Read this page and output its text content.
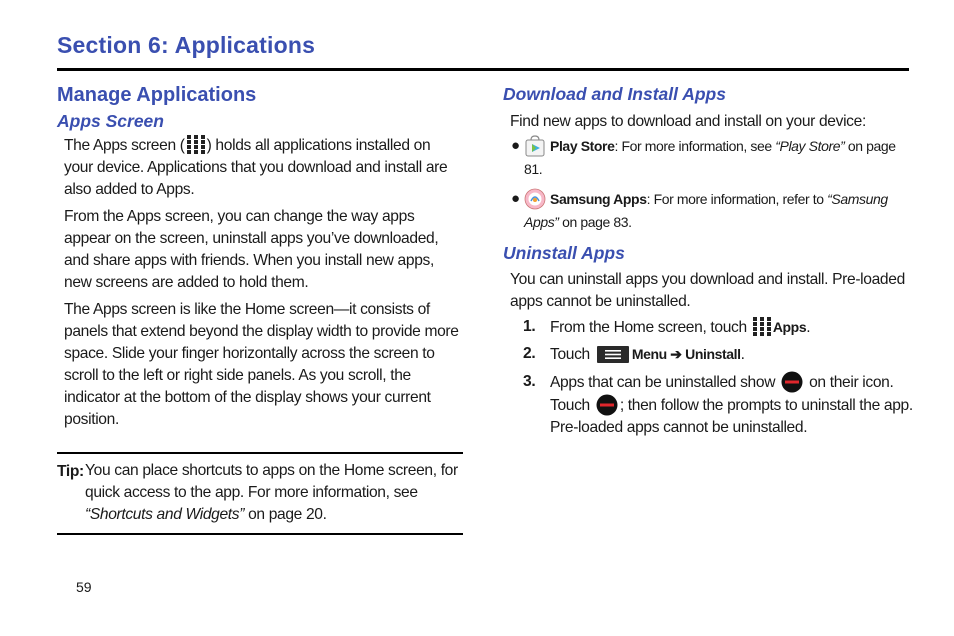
Section 6: Applications
Manage Applications
Apps Screen
The Apps screen ( ) holds all applications installed on your device. Applications that you download and install are also added to Apps.

From the Apps screen, you can change the way apps appear on the screen, uninstall apps you’ve downloaded, and share apps with friends. When you install new apps, new screens are added to hold them.

The Apps screen is like the Home screen—it consists of panels that extend beyond the display width to provide more space. Slide your finger horizontally across the screen to scroll to the left or right side panels. As you scroll, the indicator at the bottom of the display shows your current position.

Tip: You can place shortcuts to apps on the Home screen, for quick access to the app. For more information, see “Shortcuts and Widgets” on page 20.
Download and Install Apps

Find new apps to download and install on your device:

● Play Store: For more information, see “Play Store” on page 81.
● Samsung Apps: For more information, refer to “Samsung Apps” on page 83.
Uninstall Apps

You can uninstall apps you download and install. Pre-loaded apps cannot be uninstalled.

1. From the Home screen, touch Apps.
2. Touch	Menu ➔ Uninstall.
3. Apps that can be uninstalled show  on their icon. Touch ; then follow the prompts to uninstall the app. Pre-loaded apps cannot be uninstalled.
59
